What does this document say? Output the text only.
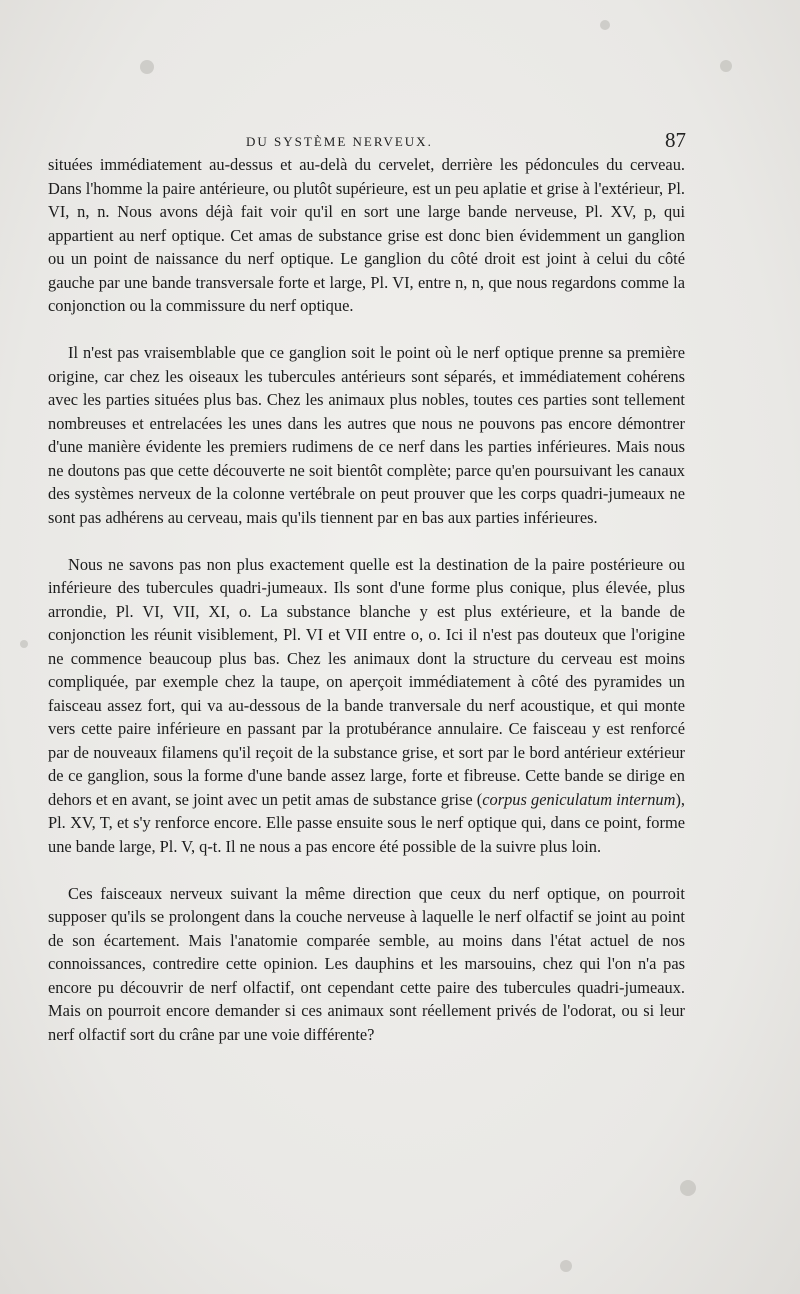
DU SYSTÈME NERVEUX.	87

situées immédiatement au-dessus et au-delà du cervelet, derrière les pédoncules du cerveau. Dans l'homme la paire antérieure, ou plutôt supérieure, est un peu aplatie et grise à l'extérieur, Pl. VI, n, n. Nous avons déjà fait voir qu'il en sort une large bande nerveuse, Pl. XV, p, qui appartient au nerf optique. Cet amas de substance grise est donc bien évidemment un ganglion ou un point de naissance du nerf optique. Le ganglion du côté droit est joint à celui du côté gauche par une bande transversale forte et large, Pl. VI, entre n, n, que nous regardons comme la conjonction ou la commissure du nerf optique.

Il n'est pas vraisemblable que ce ganglion soit le point où le nerf optique prenne sa première origine, car chez les oiseaux les tubercules antérieurs sont séparés, et immédiatement cohérens avec les parties situées plus bas. Chez les animaux plus nobles, toutes ces parties sont tellement nombreuses et entrelacées les unes dans les autres que nous ne pouvons pas encore démontrer d'une manière évidente les premiers rudimens de ce nerf dans les parties inférieures. Mais nous ne doutons pas que cette découverte ne soit bientôt complète; parce qu'en poursuivant les canaux des systèmes nerveux de la colonne vertébrale on peut prouver que les corps quadri-jumeaux ne sont pas adhérens au cerveau, mais qu'ils tiennent par en bas aux parties inférieures.

Nous ne savons pas non plus exactement quelle est la destination de la paire postérieure ou inférieure des tubercules quadri-jumeaux. Ils sont d'une forme plus conique, plus élevée, plus arrondie, Pl. VI, VII, XI, o. La substance blanche y est plus extérieure, et la bande de conjonction les réunit visiblement, Pl. VI et VII entre o, o. Ici il n'est pas douteux que l'origine ne commence beaucoup plus bas. Chez les animaux dont la structure du cerveau est moins compliquée, par exemple chez la taupe, on aperçoit immédiatement à côté des pyramides un faisceau assez fort, qui va au-dessous de la bande tranversale du nerf acoustique, et qui monte vers cette paire inférieure en passant par la protubérance annulaire. Ce faisceau y est renforcé par de nouveaux filamens qu'il reçoit de la substance grise, et sort par le bord antérieur extérieur de ce ganglion, sous la forme d'une bande assez large, forte et fibreuse. Cette bande se dirige en dehors et en avant, se joint avec un petit amas de substance grise (corpus geniculatum internum), Pl. XV, T, et s'y renforce encore. Elle passe ensuite sous le nerf optique qui, dans ce point, forme une bande large, Pl. V, q-t. Il ne nous a pas encore été possible de la suivre plus loin.

Ces faisceaux nerveux suivant la même direction que ceux du nerf optique, on pourroit supposer qu'ils se prolongent dans la couche nerveuse à laquelle le nerf olfactif se joint au point de son écartement. Mais l'anatomie comparée semble, au moins dans l'état actuel de nos connoissances, contredire cette opinion. Les dauphins et les marsouins, chez qui l'on n'a pas encore pu découvrir de nerf olfactif, ont cependant cette paire des tubercules quadri-jumeaux. Mais on pourroit encore demander si ces animaux sont réellement privés de l'odorat, ou si leur nerf olfactif sort du crâne par une voie différente?
